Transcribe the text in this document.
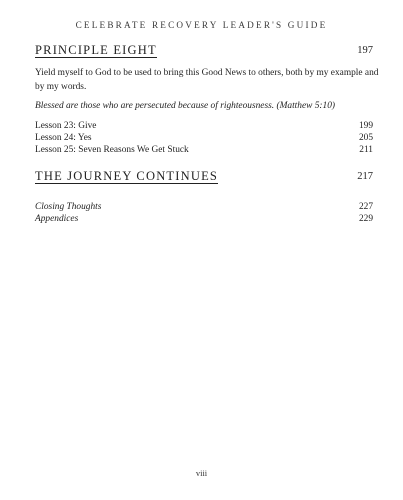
CELEBRATE RECOVERY LEADER'S GUIDE
PRINCIPLE EIGHT	197
Yield myself to God to be used to bring this Good News to others, both by my example and by my words.
Blessed are those who are persecuted because of righteousness. (Matthew 5:10)
Lesson 23: Give	199
Lesson 24: Yes	205
Lesson 25: Seven Reasons We Get Stuck	211
THE JOURNEY CONTINUES	217
Closing Thoughts	227
Appendices	229
viii
